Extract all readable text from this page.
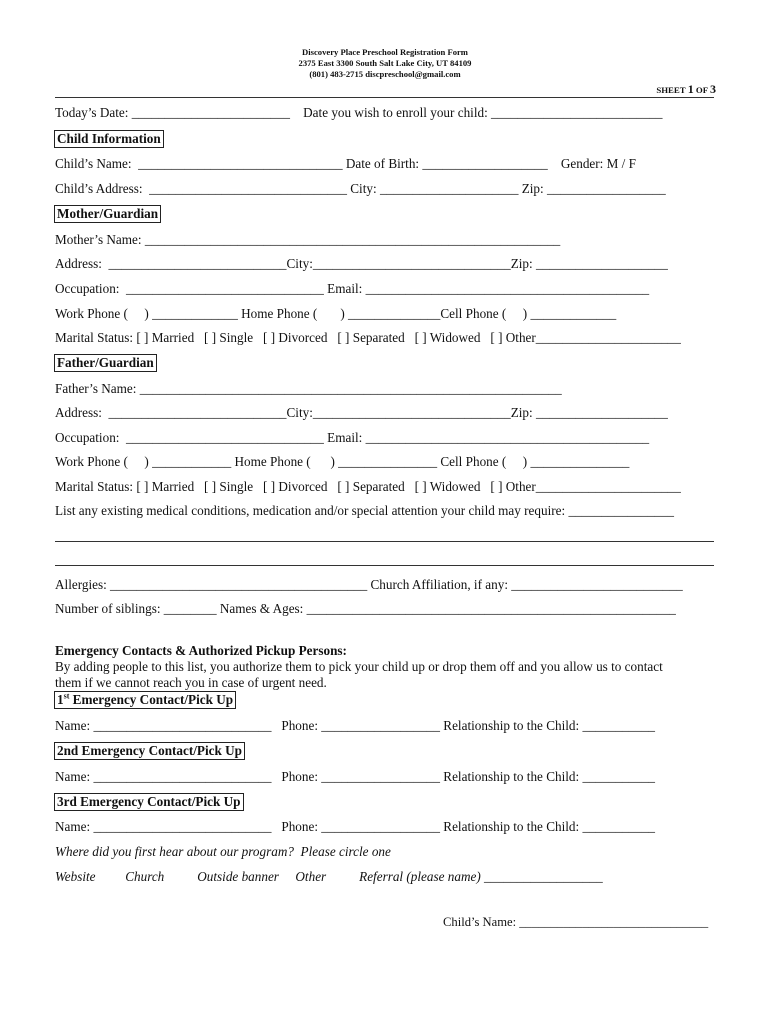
Discovery Place Preschool Registration Form
2375 East 3300 South Salt Lake City, UT 84109
(801) 483-2715 discpreschool@gmail.com
SHEET 1 OF 3
Today’s Date: ________________________    Date you wish to enroll your child: __________________________
Child Information
Child’s Name:  _______________________________ Date of Birth: ___________________    Gender: M / F
Child’s Address:  ______________________________ City: _____________________ Zip: __________________
Mother/Guardian
Mother’s Name: _______________________________________________________________
Address:  ___________________________City:______________________________Zip: ____________________
Occupation:  ______________________________ Email: ___________________________________________
Work Phone (     ) _____________ Home Phone (       ) ______________Cell Phone (     ) _____________
Marital Status: [ ] Married   [ ] Single   [ ] Divorced   [ ] Separated   [ ] Widowed   [ ] Other______________________
Father/Guardian
Father’s Name: ________________________________________________________________
Address:  ___________________________City:______________________________Zip: ____________________
Occupation:  ______________________________ Email: ___________________________________________
Work Phone (     ) ____________ Home Phone (      ) _______________ Cell Phone (     ) _______________
Marital Status: [ ] Married   [ ] Single   [ ] Divorced   [ ] Separated   [ ] Widowed   [ ] Other______________________
List any existing medical conditions, medication and/or special attention your child may require: ________________
Allergies: _______________________________________ Church Affiliation, if any: __________________________
Number of siblings: ________ Names & Ages: ________________________________________________________
Emergency Contacts & Authorized Pickup Persons:
By adding people to this list, you authorize them to pick your child up or drop them off and you allow us to contact
them if we cannot reach you in case of urgent need.
1st Emergency Contact/Pick Up
Name: ___________________________   Phone: __________________ Relationship to the Child: ___________
2nd Emergency Contact/Pick Up
Name: ___________________________   Phone: __________________ Relationship to the Child: ___________
3rd Emergency Contact/Pick Up
Name: ___________________________   Phone: __________________ Relationship to the Child: ___________
Where did you first hear about our program?  Please circle one
Website         Church          Outside banner     Other          Referral (please name) __________________
Child’s Name: ______________________________
